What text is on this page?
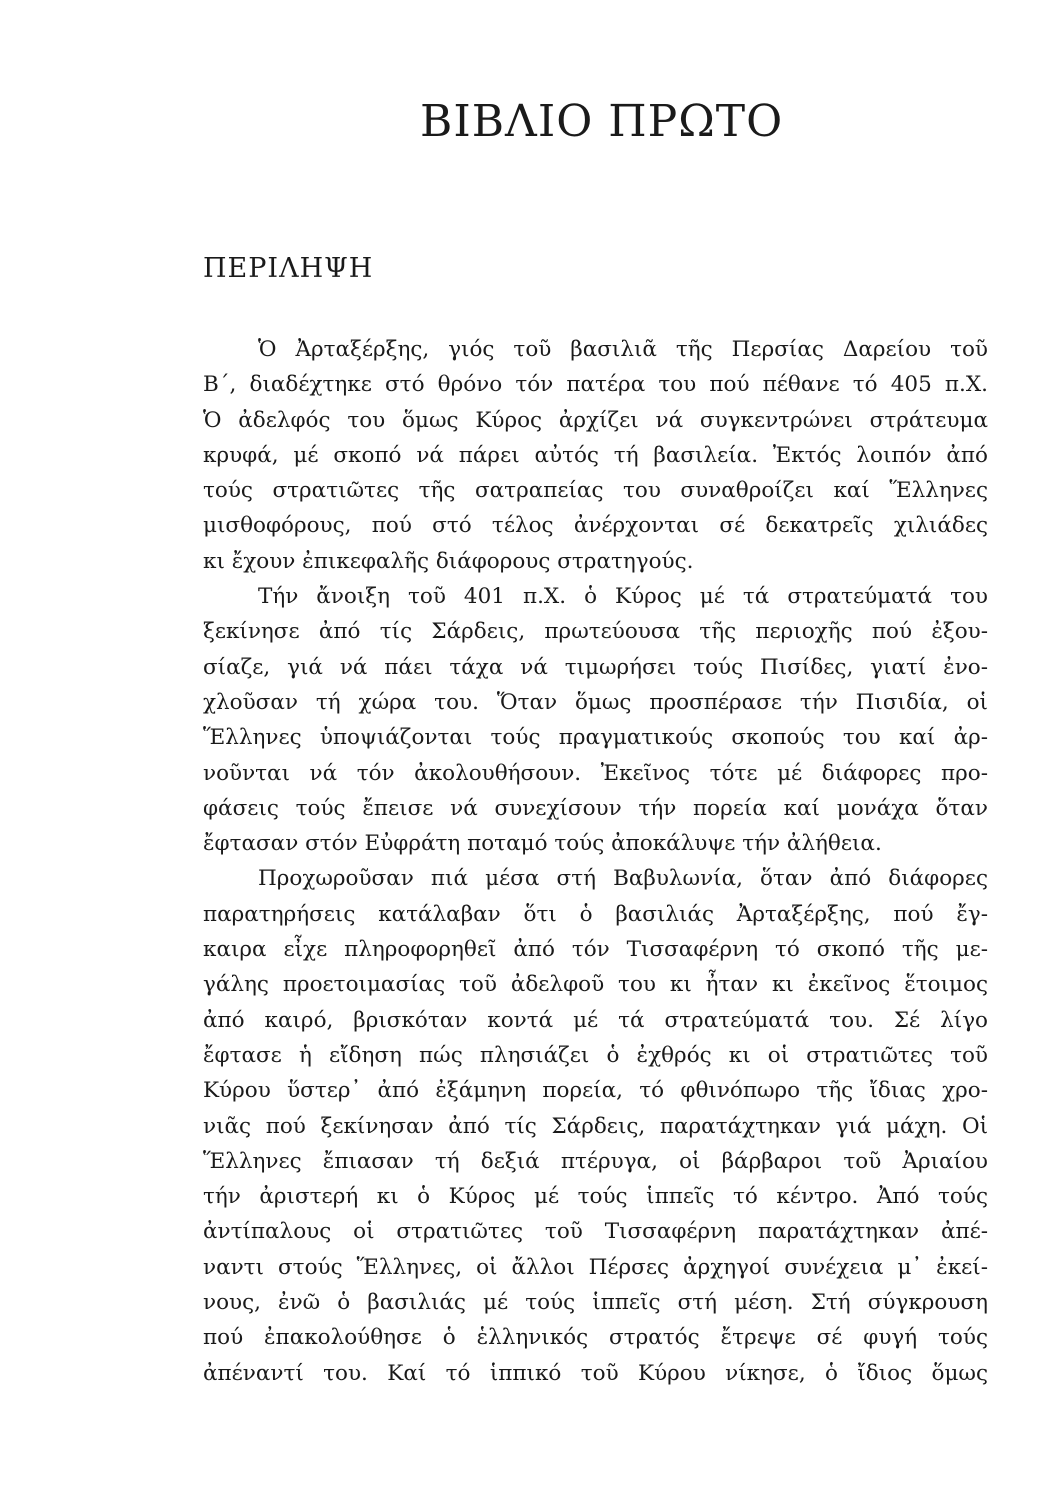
ΒΙΒΛΙΟ ΠΡΩΤΟ
ΠΕΡΙΛΗΨΗ
Ὁ Ἀρταξέρξης, γιός τοῦ βασιλιᾶ τῆς Περσίας Δαρείου τοῦ
Β΄, διαδέχτηκε στό θρόνο τόν πατέρα του πού πέθανε τό 405 π.Χ.
Ὁ ἀδελφός του ὅμως Κύρος ἀρχίζει νά συγκεντρώνει στράτευμα
κρυφά, μέ σκοπό νά πάρει αὐτός τή βασιλεία. Ἐκτός λοιπόν ἀπό
τούς στρατιῶτες τῆς σατραπείας του συναθροίζει καί Ἕλληνες
μισθοφόρους, πού στό τέλος ἀνέρχονται σέ δεκατρεῖς χιλιάδες
κι ἔχουν ἐπικεφαλῆς διάφορους στρατηγούς.
Τήν ἄνοιξη τοῦ 401 π.Χ. ὁ Κύρος μέ τά στρατεύματά του
ξεκίνησε ἀπό τίς Σάρδεις, πρωτεύουσα τῆς περιοχῆς πού ἐξου-
σίαζε, γιά νά πάει τάχα νά τιμωρήσει τούς Πισίδες, γιατί ἐνο-
χλοῦσαν τή χώρα του. Ὅταν ὅμως προσπέρασε τήν Πισιδία, οἱ
Ἕλληνες ὑποψιάζονται τούς πραγματικούς σκοπούς του καί ἀρ-
νοῦνται νά τόν ἀκολουθήσουν. Ἐκεῖνος τότε μέ διάφορες προ-
φάσεις τούς ἔπεισε νά συνεχίσουν τήν πορεία καί μονάχα ὅταν
ἔφτασαν στόν Εὐφράτη ποταμό τούς ἀποκάλυψε τήν ἀλήθεια.
Προχωροῦσαν πιά μέσα στή Βαβυλωνία, ὅταν ἀπό διάφορες
παρατηρήσεις κατάλαβαν ὅτι ὁ βασιλιάς Ἀρταξέρξης, πού ἔγ-
καιρα εἶχε πληροφορηθεῖ ἀπό τόν Τισσαφέρνη τό σκοπό τῆς με-
γάλης προετοιμασίας τοῦ ἀδελφοῦ του κι ἦταν κι ἐκεῖνος ἕτοιμος
ἀπό καιρό, βρισκόταν κοντά μέ τά στρατεύματά του. Σέ λίγο
ἔφτασε ἡ εἴδηση πώς πλησιάζει ὁ ἐχθρός κι οἱ στρατιῶτες τοῦ
Κύρου ὕστερ᾽ ἀπό ἐξάμηνη πορεία, τό φθινόπωρο τῆς ἴδιας χρο-
νιᾶς πού ξεκίνησαν ἀπό τίς Σάρδεις, παρατάχτηκαν γιά μάχη. Οἱ
Ἕλληνες ἔπιασαν τή δεξιά πτέρυγα, οἱ βάρβαροι τοῦ Ἀριαίου
τήν ἀριστερή κι ὁ Κύρος μέ τούς ἱππεῖς τό κέντρο. Ἀπό τούς
ἀντίπαλους οἱ στρατιῶτες τοῦ Τισσαφέρνη παρατάχτηκαν ἀπέ-
ναντι στούς Ἕλληνες, οἱ ἄλλοι Πέρσες ἀρχηγοί συνέχεια μ᾽ ἐκεί-
νους, ἐνῶ ὁ βασιλιάς μέ τούς ἱππεῖς στή μέση. Στή σύγκρουση
πού ἐπακολούθησε ὁ ἑλληνικός στρατός ἔτρεψε σέ φυγή τούς
ἀπέναντί του. Καί τό ἱππικό τοῦ Κύρου νίκησε, ὁ ἴδιος ὅμως
